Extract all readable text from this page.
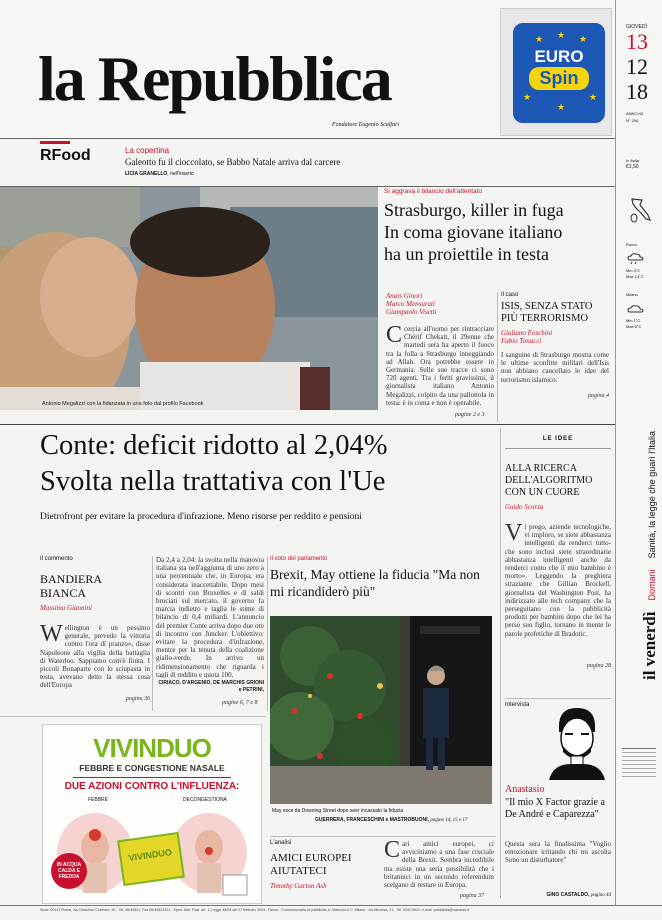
la Repubblica
Fondatore Eugenio Scalfari
EURO
Spin
★
★	★
★	★
★
GIOVEDÌ
13
12
18
ANNO 43
N° 294
In Italia
€1,50
Roma
Min 4°C
Max 13°C
Milano
Min 1°C
Max 5°C
il venerdì Domani Sanità, la legge che guarì l'Italia
RFood	La copertina
Galeotto fu il cioccolato, se Babbo Natale arriva dal carcere
LICIA GRANELLO, nell'inserto
Antonio Megalizzi con la fidanzata in una foto dal profilo Facebook
Si aggrava il bilancio dell'attentato
Strasburgo, killer in fuga
In coma giovane italiano
ha un proiettile in testa
Anais Ginori
Marco Mensurati
Giampaolo Visetti
Ccercia all'uomo per rintracciare Chérif Chekatt, il 29enne che martedì sera ha aperto il fuoco tra la folla a Strasburgo inneggiando ad Allah. Ora potrebbe essere in Germania. Sulle sue tracce ci sono 720 agenti. Tra i feriti gravissimi, il giornalista italiano Antonio Megalizzi, colpito da una pallottola in testa: è in coma e non è operabile.
pagine 2 e 3
Il caso
ISIS, SENZA STATO PIÙ TERRORISMO
Giuliano Foschini
Fabio Tonacci
I sanguine di Strasburgo mostra come le ultime sconfitte militari dell'Isis non abbiano cancellato le idee del terrorismo islamico.
pagina 4
Conte: deficit ridotto al 2,04%
Svolta nella trattativa con l'Ue
Dietrofront per evitare la procedura d'infrazione. Meno risorse per reddito e pensioni
Il commento
BANDIERA BIANCA
Massimo Giannini
Wellington è un pessimo generale, prevedo la vittoria contro l'ora di pranzo», disse Napoleone alla vigilia della battaglia di Waterloo. Sappiamo com'è finita. I piccoli Bonaparte con lo sciupasta in testa, avevano detto la stessa cosa dell'Europa
pagina 36
Da 2,4 a 2,04: la svolta nella manovra italiana sta nell'aggiunta di uno zero a una percentuale che, in Europa, era considerata inaccettabile. Dopo mesi di scontri con Bruxelles e di saldi bruciati sul mercato, il governo fa marcia indietro e taglia le stime di bilancio di 0,4 miliardi. L'annuncio del premier Conte arriva dopo due ore di incontro con Juncker. L'obiettivo: evitare la procedura d'infrazione, mentre per la tenuta della coalizione giallo-verde. In arrivo un ridimensionamento che riguarda i tagli di reddito e quota 100.
CIRIACO, D'ARGENIO, DE MARCHIS GRIONI e PETRINI,
pagine 6, 7 e 8
Il voto del parlamento
Brexit, May ottiene la fiducia "Ma non mi ricandiderò più"
May esce da Downing Street dopo aver incassato la fiducia
GUERRERA, FRANCESCHINI e MASTROBUONI, pagine 14, 15 e 17
VIVINDUO
FEBBRE E CONGESTIONE NASALE
DUE AZIONI CONTRO L'INFLUENZA:
FEBBRE	DECONGESTIONA
VIVINDUO
IN ACQUA CALDA E FREDDA
L'analisi
AMICI EUROPEI AIUTATECI
Timothy Garton Ash
Cari amici europei, ci avviciniamo a una fase cruciale della Brexit. Sembra incredibile ma esiste una seria possibilità che i britannici in un secondo referendum scelgano di restare in Europa.
pagina 37
LE IDEE
ALLA RICERCA DELL'ALGORITMO CON UN CUORE
Guido Scorza
Vi prego, aziende tecnologiche, vi imploro, se siete abbastanza intelligenti da renderci tutto-che sono inclusi siete straordinarie abbastanza intelligenti anche da renderci conto che il mio bambino è morto». Leggendo la preghiera straziante che Gillian Brockell, giornalista del Washington Post, ha indirizzato alle tech company che la perseguitano con la pubblicità prodotti per bambini dopo che lei ha perso suo figlio, tornano in mente le parole profetiche di Bradotic.
pagina 28
Intervista
Anastasio
"Il mio X Factor grazie a De André e Caparezza"
Questa sera la finalissima "Voglio emozionare irritando chi mi ascolta Sono un disturbatore"
GINO CASTALDO, pagina 44
Sede: 00147 Roma, via Cristoforo Colombo, 90 - Tel. 06/49821, Fax 06/49822923 - Sped. Abb. Post. art. 1, Legge 46/04 del 27 febbraio 2004 - Roma - Concessionaria di pubblicità: A. Manzoni & C. Milano - via Nervesa, 21 - Tel. 02/574941, e-mail: pubblicita@manzoni.it
